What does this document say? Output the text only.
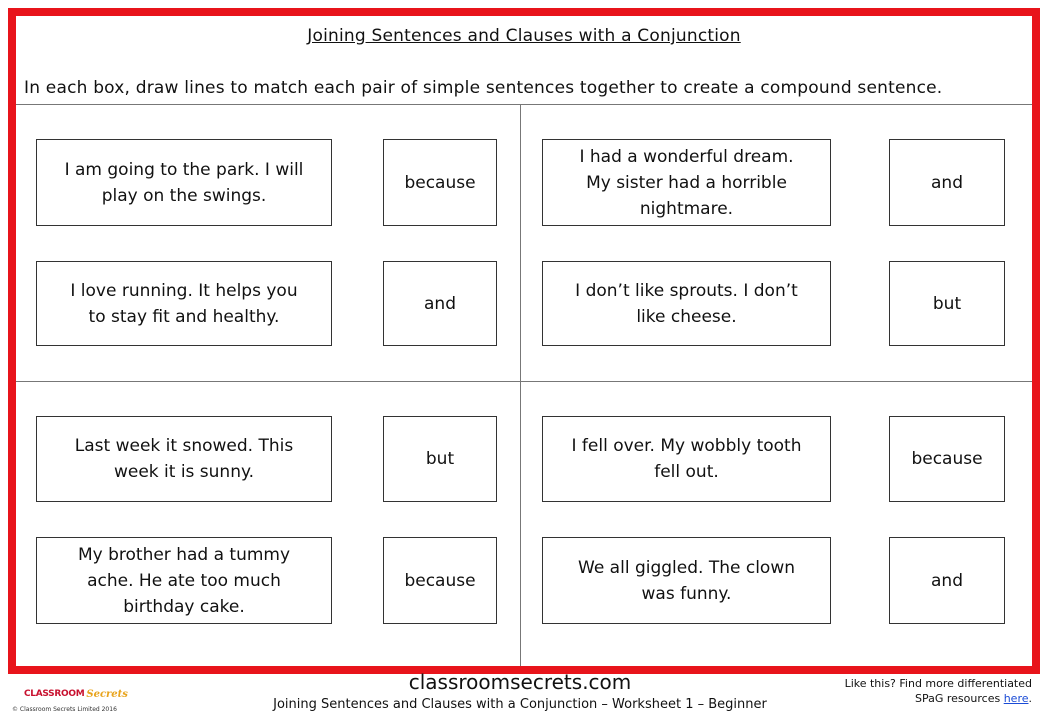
Joining Sentences and Clauses with a Conjunction
In each box, draw lines to match each pair of simple sentences together to create a compound sentence.
I am going to the park. I will
play on the swings.
because
I love running. It helps you
to stay fit and healthy.
and
I had a wonderful dream.
My sister had a horrible
nightmare.
and
I don’t like sprouts. I don’t
like cheese.
but
Last week it snowed. This
week it is sunny.
but
My brother had a tummy
ache. He ate too much
birthday cake.
because
I fell over. My wobbly tooth
fell out.
because
We all giggled. The clown
was funny.
and
CLASSROOM Secrets
© Classroom Secrets Limited 2016
classroomsecrets.com
Joining Sentences and Clauses with a Conjunction – Worksheet 1 – Beginner
Like this? Find more differentiated
SPaG resources here.
